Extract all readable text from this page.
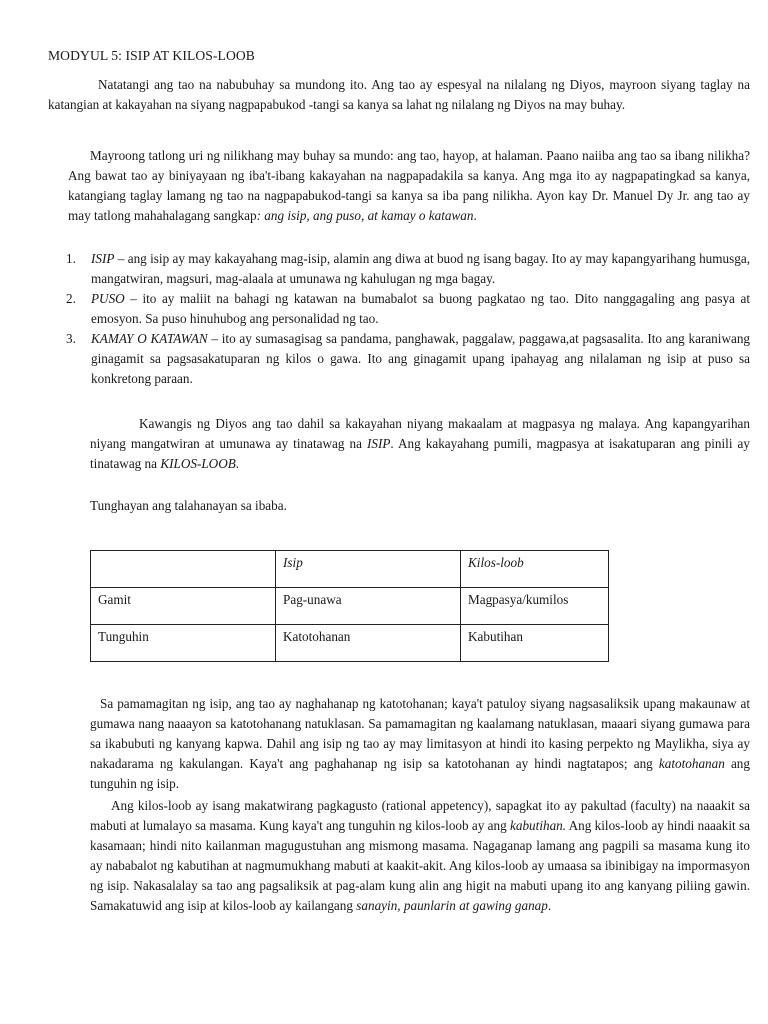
MODYUL 5: ISIP AT KILOS-LOOB

Natatangi ang tao na nabubuhay sa mundong ito. Ang tao ay espesyal na nilalang ng Diyos, mayroon siyang taglay na katangian at kakayahan na siyang nagpapabukod -tangi sa kanya sa lahat ng nilalang ng Diyos na may buhay.

Mayroong tatlong uri ng nilikhang may buhay sa mundo: ang tao, hayop, at halaman. Paano naiiba ang tao sa ibang nilikha? Ang bawat tao ay biniyayaan ng iba't-ibang kakayahan na nagpapadakila sa kanya. Ang mga ito ay nagpapatingkad sa kanya, katangiang taglay lamang ng tao na nagpapabukod-tangi sa kanya sa iba pang nilikha. Ayon kay Dr. Manuel Dy Jr. ang tao ay may tatlong mahahalagang sangkap: ang isip, ang puso, at kamay o katawan.

1. ISIP – ang isip ay may kakayahang mag-isip, alamin ang diwa at buod ng isang bagay. Ito ay may kapangyarihang humusga, mangatwiran, magsuri, mag-alaala at umunawa ng kahulugan ng mga bagay.
2. PUSO – ito ay maliit na bahagi ng katawan na bumabalot sa buong pagkatao ng tao. Dito nanggagaling ang pasya at emosyon. Sa puso hinuhubog ang personalidad ng tao.
3. KAMAY O KATAWAN – ito ay sumasagisag sa pandama, panghawak, paggalaw, paggawa,at pagsasalita. Ito ang karaniwang ginagamit sa pagsasakatuparan ng kilos o gawa. Ito ang ginagamit upang ipahayag ang nilalaman ng isip at puso sa konkretong paraan.

Kawangis ng Diyos ang tao dahil sa kakayahan niyang makaalam at magpasya ng malaya. Ang kapangyarihan niyang mangatwiran at umunawa ay tinatawag na ISIP. Ang kakayahang pumili, magpasya at isakatuparan ang pinili ay tinatawag na KILOS-LOOB.

Tunghayan ang talahanayan sa ibaba.

	Isip	Kilos-loob
Gamit	Pag-unawa	Magpasya/kumilos
Tunguhin	Katotohanan	Kabutihan

Sa pamamagitan ng isip, ang tao ay naghahanap ng katotohanan; kaya't patuloy siyang nagsasaliksik upang makaunaw at gumawa nang naaayon sa katotohanang natuklasan. Sa pamamagitan ng kaalamang natuklasan, maaari siyang gumawa para sa ikabubuti ng kanyang kapwa. Dahil ang isip ng tao ay may limitasyon at hindi ito kasing perpekto ng Maylikha, siya ay nakadarama ng kakulangan. Kaya't ang paghahanap ng isip sa katotohanan ay hindi nagtatapos; ang katotohanan ang tunguhin ng isip.

Ang kilos-loob ay isang makatwirang pagkagusto (rational appetency), sapagkat ito ay pakultad (faculty) na naaakit sa mabuti at lumalayo sa masama. Kung kaya't ang tunguhin ng kilos-loob ay ang kabutihan. Ang kilos-loob ay hindi naaakit sa kasamaan; hindi nito kailanman magugustuhan ang mismong masama. Nagaganap lamang ang pagpili sa masama kung ito ay nababalot ng kabutihan at nagmumukhang mabuti at kaakit-akit. Ang kilos-loob ay umaasa sa ibinibigay na impormasyon ng isip. Nakasalalay sa tao ang pagsaliksik at pag-alam kung alin ang higit na mabuti upang ito ang kanyang piliing gawin. Samakatuwid ang isip at kilos-loob ay kailangang sanayin, paunlarin at gawing ganap.
